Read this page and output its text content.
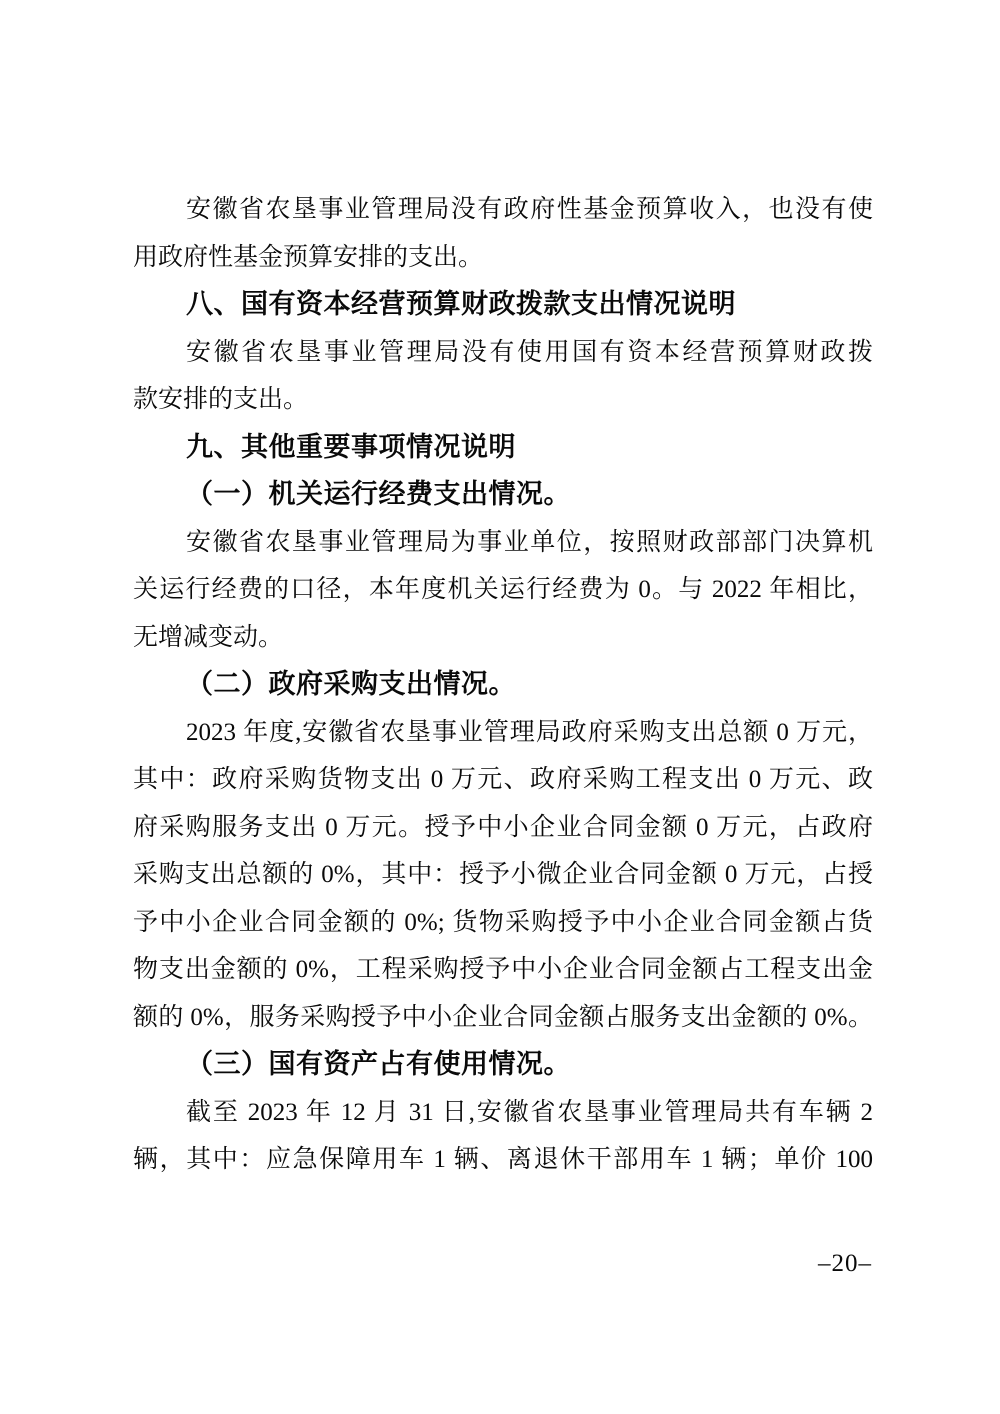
安徽省农垦事业管理局没有政府性基金预算收入，也没有使
用政府性基金预算安排的支出。
八、国有资本经营预算财政拨款支出情况说明
安徽省农垦事业管理局没有使用国有资本经营预算财政拨
款安排的支出。
九、其他重要事项情况说明
（一）机关运行经费支出情况。
安徽省农垦事业管理局为事业单位，按照财政部部门决算机
关运行经费的口径，本年度机关运行经费为 0。与 2022 年相比，
无增减变动。
（二）政府采购支出情况。
2023 年度,安徽省农垦事业管理局政府采购支出总额 0 万元，
其中：政府采购货物支出 0 万元、政府采购工程支出 0 万元、政
府采购服务支出 0 万元。授予中小企业合同金额 0 万元，占政府
采购支出总额的 0%，其中：授予小微企业合同金额 0 万元，占授
予中小企业合同金额的 0%; 货物采购授予中小企业合同金额占货
物支出金额的 0%，工程采购授予中小企业合同金额占工程支出金
额的 0%，服务采购授予中小企业合同金额占服务支出金额的 0%。
（三）国有资产占有使用情况。
截至 2023 年 12 月 31 日,安徽省农垦事业管理局共有车辆 2
辆，其中：应急保障用车 1 辆、离退休干部用车 1 辆；单价 100
–20–
